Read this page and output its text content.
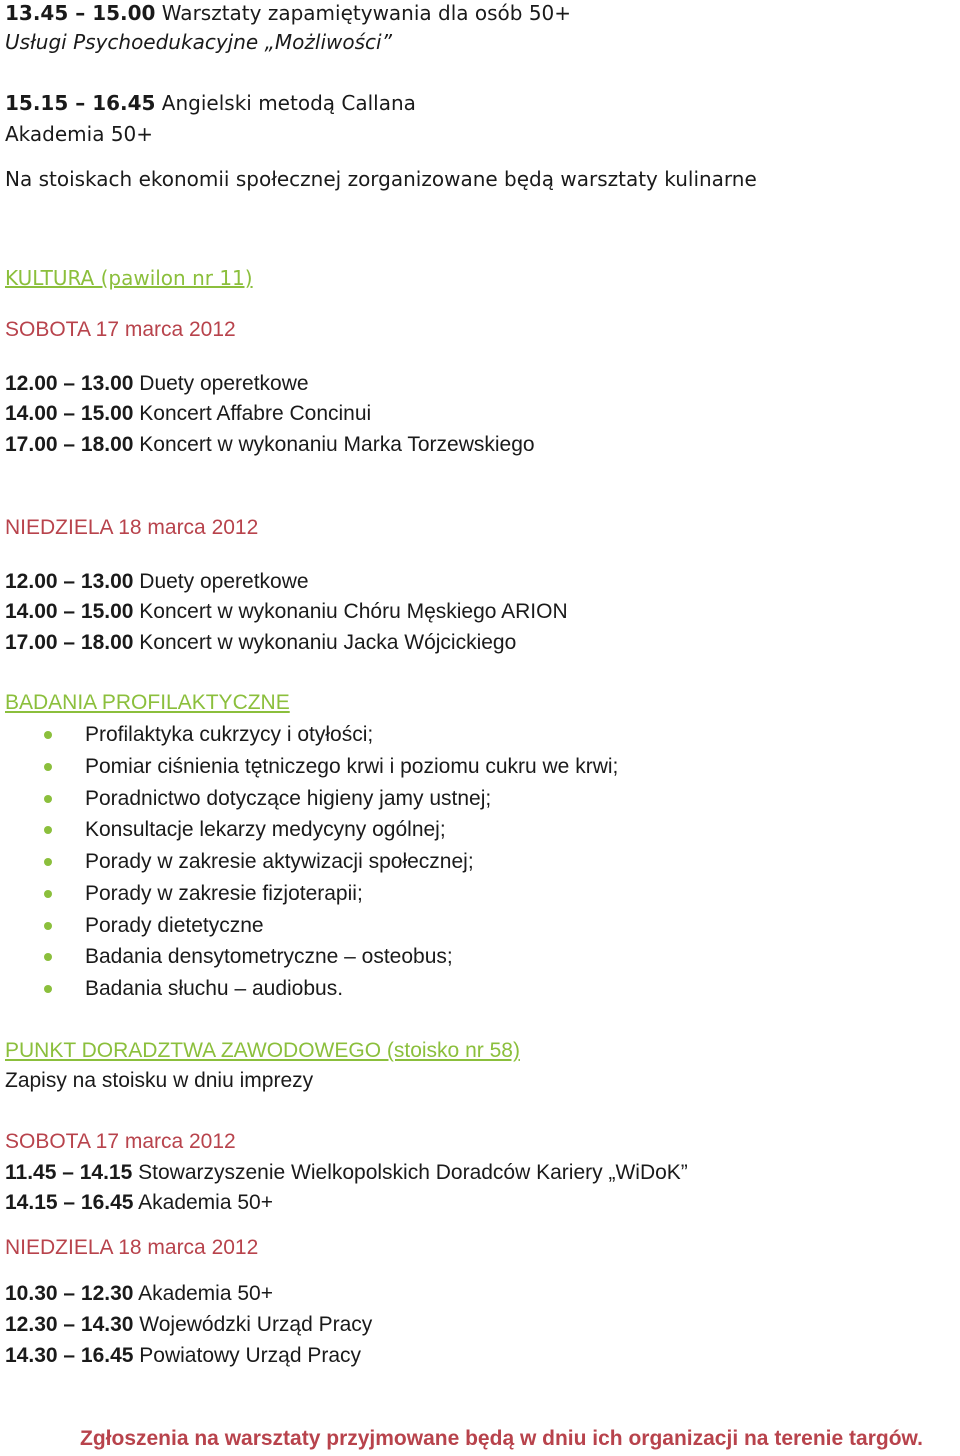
13.45 – 15.00 Warsztaty zapamiętywania dla osób 50+
Usługi Psychoedukacyjne „Możliwości”
15.15 – 16.45 Angielski metodą Callana
Akademia 50+
Na stoiskach ekonomii społecznej zorganizowane będą warsztaty kulinarne
KULTURA (pawilon nr 11)
SOBOTA 17 marca 2012
12.00 – 13.00 Duety operetkowe
14.00 – 15.00 Koncert Affabre Concinui
17.00 – 18.00 Koncert w wykonaniu Marka Torzewskiego
NIEDZIELA 18 marca 2012
12.00 – 13.00 Duety operetkowe
14.00 – 15.00 Koncert w wykonaniu Chóru Męskiego ARION
17.00 – 18.00 Koncert w wykonaniu Jacka Wójcickiego
BADANIA PROFILAKTYCZNE
Profilaktyka cukrzycy i otyłości;
Pomiar ciśnienia tętniczego krwi i poziomu cukru we krwi;
Poradnictwo dotyczące higieny jamy ustnej;
Konsultacje lekarzy medycyny ogólnej;
Porady w zakresie aktywizacji społecznej;
Porady w zakresie fizjoterapii;
Porady dietetyczne
Badania densytometryczne – osteobus;
Badania słuchu – audiobus.
PUNKT DORADZTWA ZAWODOWEGO (stoisko nr 58)
Zapisy na stoisku w dniu imprezy
SOBOTA 17 marca 2012
11.45 – 14.15 Stowarzyszenie Wielkopolskich Doradców Kariery „WiDoK”
14.15 – 16.45 Akademia 50+
NIEDZIELA 18 marca 2012
10.30 – 12.30 Akademia 50+
12.30 – 14.30 Wojewódzki Urząd Pracy
14.30 – 16.45 Powiatowy Urząd Pracy
Zgłoszenia na warsztaty przyjmowane będą w dniu ich organizacji na terenie targów.
